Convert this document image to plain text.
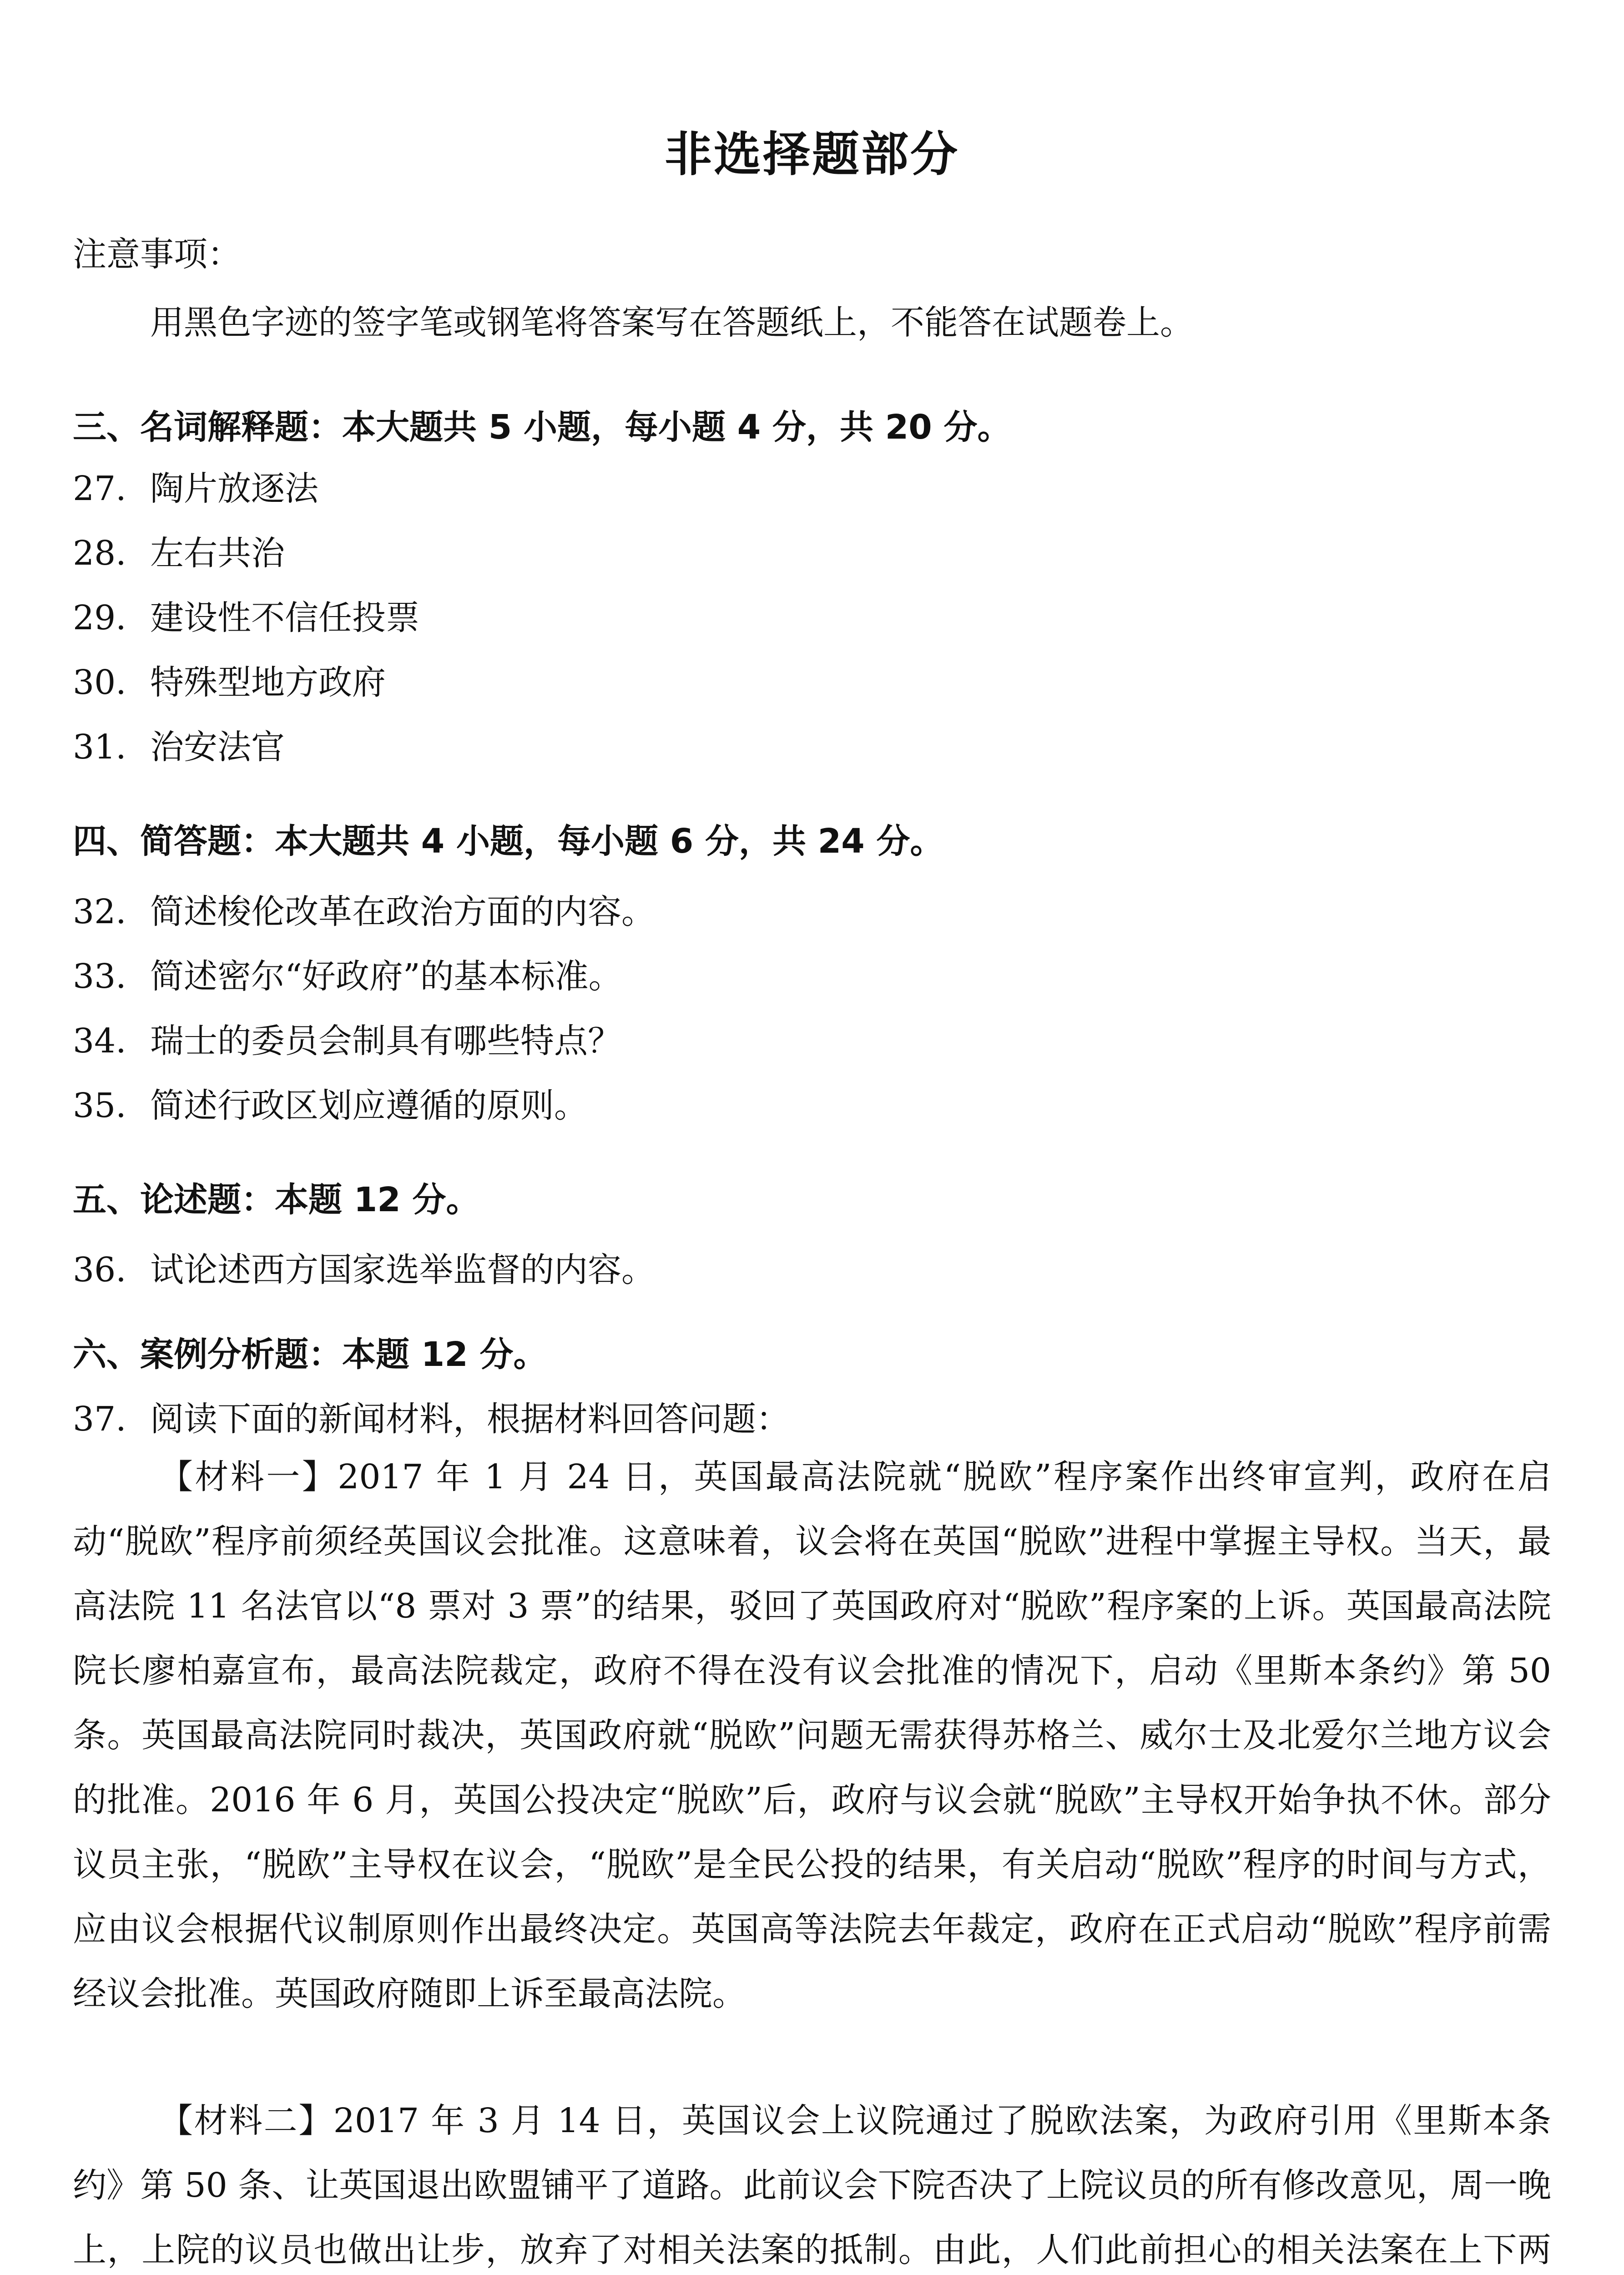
非选择题部分
注意事项：
用黑色字迹的签字笔或钢笔将答案写在答题纸上，不能答在试题卷上。
三、名词解释题：本大题共 5 小题，每小题 4 分，共 20 分。
27. 陶片放逐法
28. 左右共治
29. 建设性不信任投票
30. 特殊型地方政府
31. 治安法官
四、简答题：本大题共 4 小题，每小题 6 分，共 24 分。
32. 简述梭伦改革在政治方面的内容。
33. 简述密尔“好政府”的基本标准。
34. 瑞士的委员会制具有哪些特点？
35. 简述行政区划应遵循的原则。
五、论述题：本题 12 分。
36. 试论述西方国家选举监督的内容。
六、案例分析题：本题 12 分。
37. 阅读下面的新闻材料，根据材料回答问题：
【材料一】2017 年 1 月 24 日，英国最高法院就“脱欧”程序案作出终审宣判，政府在启动“脱欧”程序前须经英国议会批准。这意味着，议会将在英国“脱欧”进程中掌握主导权。当天，最高法院 11 名法官以“8 票对 3 票”的结果，驳回了英国政府对“脱欧”程序案的上诉。英国最高法院院长廖柏嘉宣布，最高法院裁定，政府不得在没有议会批准的情况下，启动《里斯本条约》第 50 条。英国最高法院同时裁决，英国政府就“脱欧”问题无需获得苏格兰、威尔士及北爱尔兰地方议会的批准。2016 年 6 月，英国公投决定“脱欧”后，政府与议会就“脱欧”主导权开始争执不休。部分议员主张，“脱欧”主导权在议会，“脱欧”是全民公投的结果，有关启动“脱欧”程序的时间与方式，应由议会根据代议制原则作出最终决定。英国高等法院去年裁定，政府在正式启动“脱欧”程序前需经议会批准。英国政府随即上诉至最高法院。
【材料二】2017 年 3 月 14 日，英国议会上议院通过了脱欧法案，为政府引用《里斯本条约》第 50 条、让英国退出欧盟铺平了道路。此前议会下院否决了上院议员的所有修改意见，周一晚上，上院的议员也做出让步，放弃了对相关法案的抵制。由此，人们此前担心的相关法案在上下两
